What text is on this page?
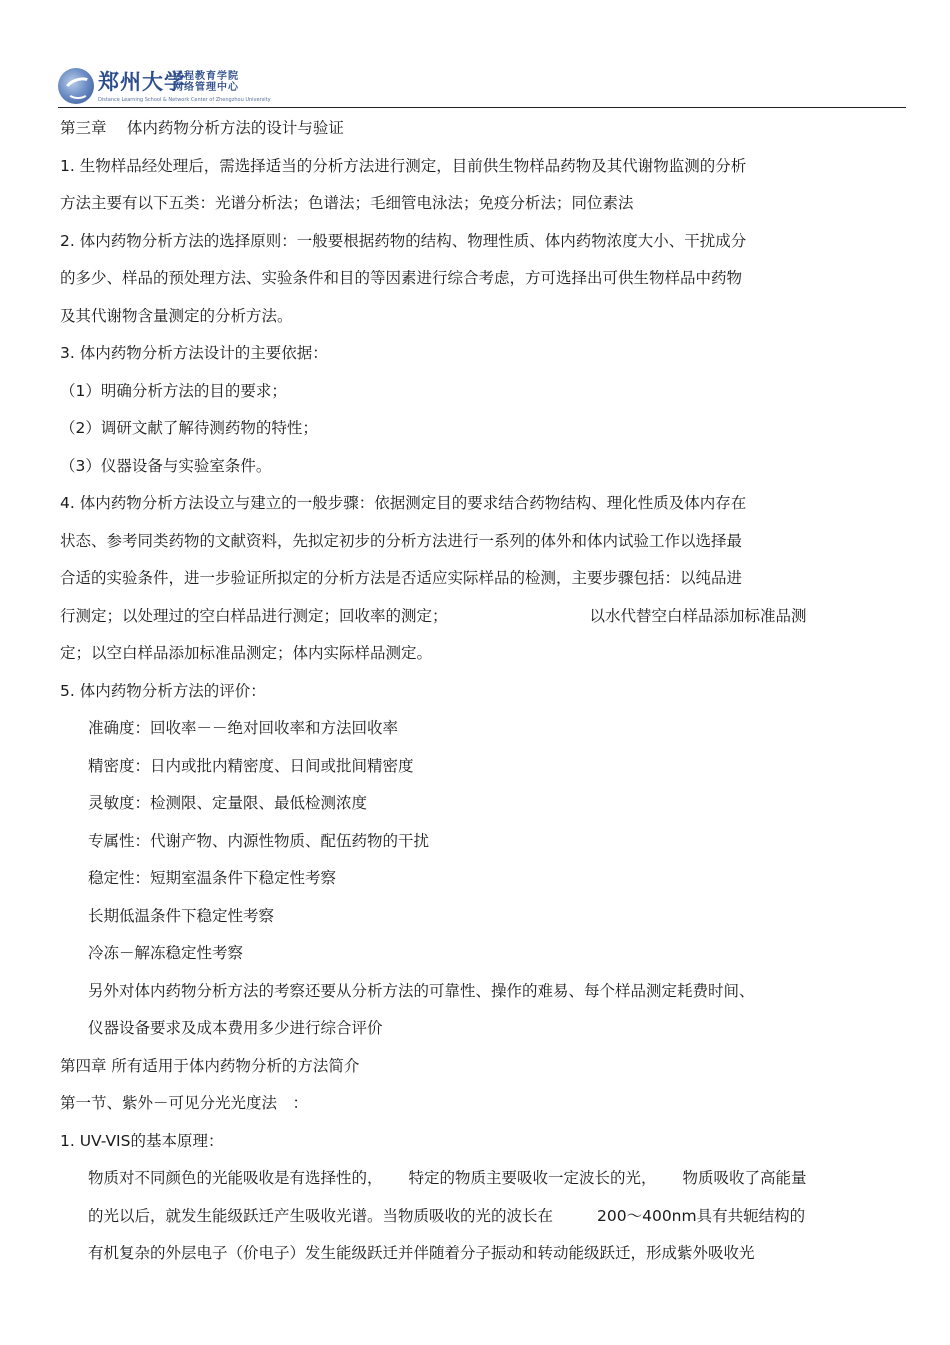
郑州大学
远程教育学院
网络管理中心
Distance Learning School & Network Center of Zhengzhou University
第三章　 体内药物分析方法的设计与验证
1. 生物样品经处理后，需选择适当的分析方法进行测定，目前供生物样品药物及其代谢物监测的分析
方法主要有以下五类：光谱分析法；色谱法；毛细管电泳法；免疫分析法；同位素法
2. 体内药物分析方法的选择原则：一般要根据药物的结构、物理性质、体内药物浓度大小、干扰成分
的多少、样品的预处理方法、实验条件和目的等因素进行综合考虑，方可选择出可供生物样品中药物
及其代谢物含量测定的分析方法。
3. 体内药物分析方法设计的主要依据：
（1）明确分析方法的目的要求；
（2）调研文献了解待测药物的特性；
（3）仪器设备与实验室条件。
4. 体内药物分析方法设立与建立的一般步骤：依据测定目的要求结合药物结构、理化性质及体内存在
状态、参考同类药物的文献资料，先拟定初步的分析方法进行一系列的体外和体内试验工作以选择最
合适的实验条件，进一步验证所拟定的分析方法是否适应实际样品的检测，主要步骤包括：以纯品进
行测定；以处理过的空白样品进行测定；回收率的测定；	以水代替空白样品添加标准品测
定；以空白样品添加标准品测定；体内实际样品测定。
5. 体内药物分析方法的评价：
准确度：回收率－－绝对回收率和方法回收率
精密度：日内或批内精密度、日间或批间精密度
灵敏度：检测限、定量限、最低检测浓度
专属性：代谢产物、内源性物质、配伍药物的干扰
稳定性：短期室温条件下稳定性考察
长期低温条件下稳定性考察
冷冻－解冻稳定性考察
另外对体内药物分析方法的考察还要从分析方法的可靠性、操作的难易、每个样品测定耗费时间、
仪器设备要求及成本费用多少进行综合评价
第四章 所有适用于体内药物分析的方法简介
第一节、紫外－可见分光光度法　：
1. UV-VIS的基本原理：
物质对不同颜色的光能吸收是有选择性的， 特定的物质主要吸收一定波长的光， 物质吸收了高能量
的光以后，就发生能级跃迁产生吸收光谱。当物质吸收的光的波长在	200～400nm具有共轭结构的
有机复杂的外层电子（价电子）发生能级跃迁并伴随着分子振动和转动能级跃迁，形成紫外吸收光
